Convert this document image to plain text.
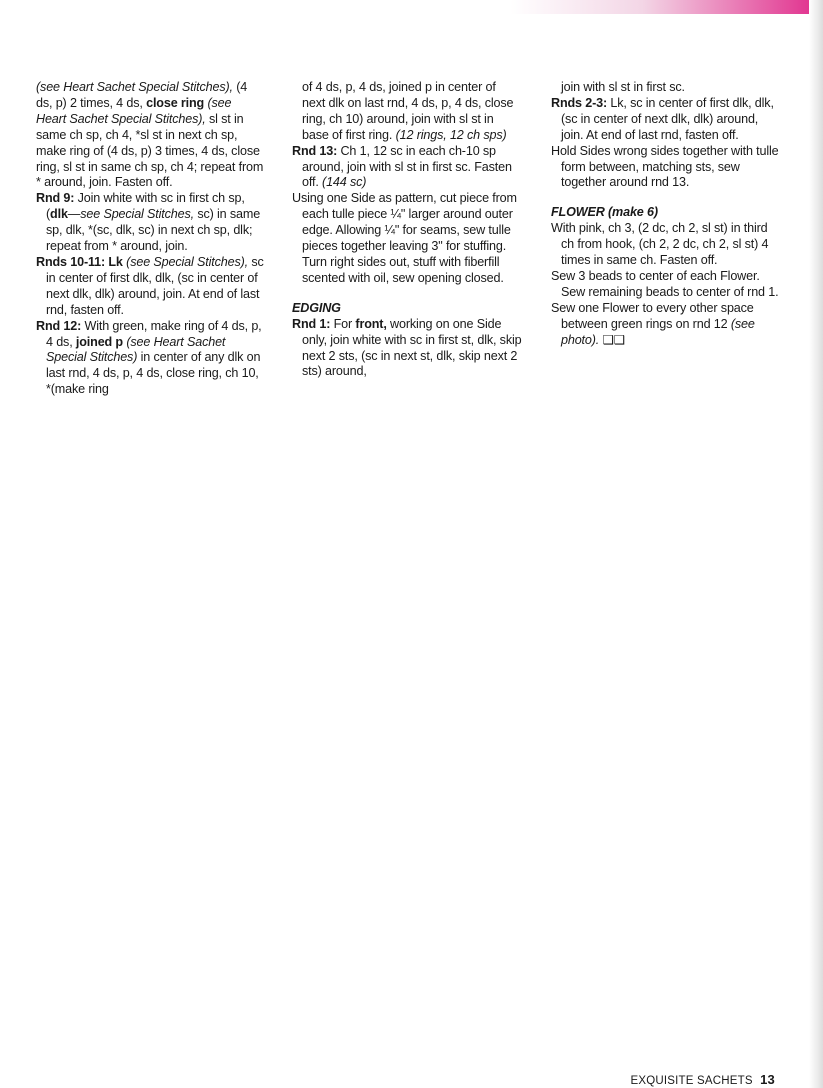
(see Heart Sachet Special Stitches), (4 ds, p) 2 times, 4 ds, close ring (see Heart Sachet Special Stitches), sl st in same ch sp, ch 4, *sl st in next ch sp, make ring of (4 ds, p) 3 times, 4 ds, close ring, sl st in same ch sp, ch 4; repeat from * around, join. Fasten off.

Rnd 9: Join white with sc in first ch sp, (dlk—see Special Stitches, sc) in same sp, dlk, *(sc, dlk, sc) in next ch sp, dlk; repeat from * around, join.

Rnds 10-11: Lk (see Special Stitches), sc in center of first dlk, dlk, (sc in center of next dlk, dlk) around, join. At end of last rnd, fasten off.

Rnd 12: With green, make ring of 4 ds, p, 4 ds, joined p (see Heart Sachet Special Stitches) in center of any dlk on last rnd, 4 ds, p, 4 ds, close ring, ch 10, *(make ring

of 4 ds, p, 4 ds, joined p in center of next dlk on last rnd, 4 ds, p, 4 ds, close ring, ch 10) around, join with sl st in base of first ring. (12 rings, 12 ch sps)

Rnd 13: Ch 1, 12 sc in each ch-10 sp around, join with sl st in first sc. Fasten off. (144 sc)

Using one Side as pattern, cut piece from each tulle piece ¼" larger around outer edge. Allowing ¼" for seams, sew tulle pieces together leaving 3" for stuffing. Turn right sides out, stuff with fiberfill scented with oil, sew opening closed.

EDGING

Rnd 1: For front, working on one Side only, join white with sc in first st, dlk, skip next 2 sts, (sc in next st, dlk, skip next 2 sts) around,

join with sl st in first sc.

Rnds 2-3: Lk, sc in center of first dlk, dlk, (sc in center of next dlk, dlk) around, join. At end of last rnd, fasten off.

Hold Sides wrong sides together with tulle form between, matching sts, sew together around rnd 13.

FLOWER (make 6)

With pink, ch 3, (2 dc, ch 2, sl st) in third ch from hook, (ch 2, 2 dc, ch 2, sl st) 4 times in same ch. Fasten off.

Sew 3 beads to center of each Flower. Sew remaining beads to center of rnd 1.

Sew one Flower to every other space between green rings on rnd 12 (see photo). ❑❑

EXQUISITE SACHETS 13
